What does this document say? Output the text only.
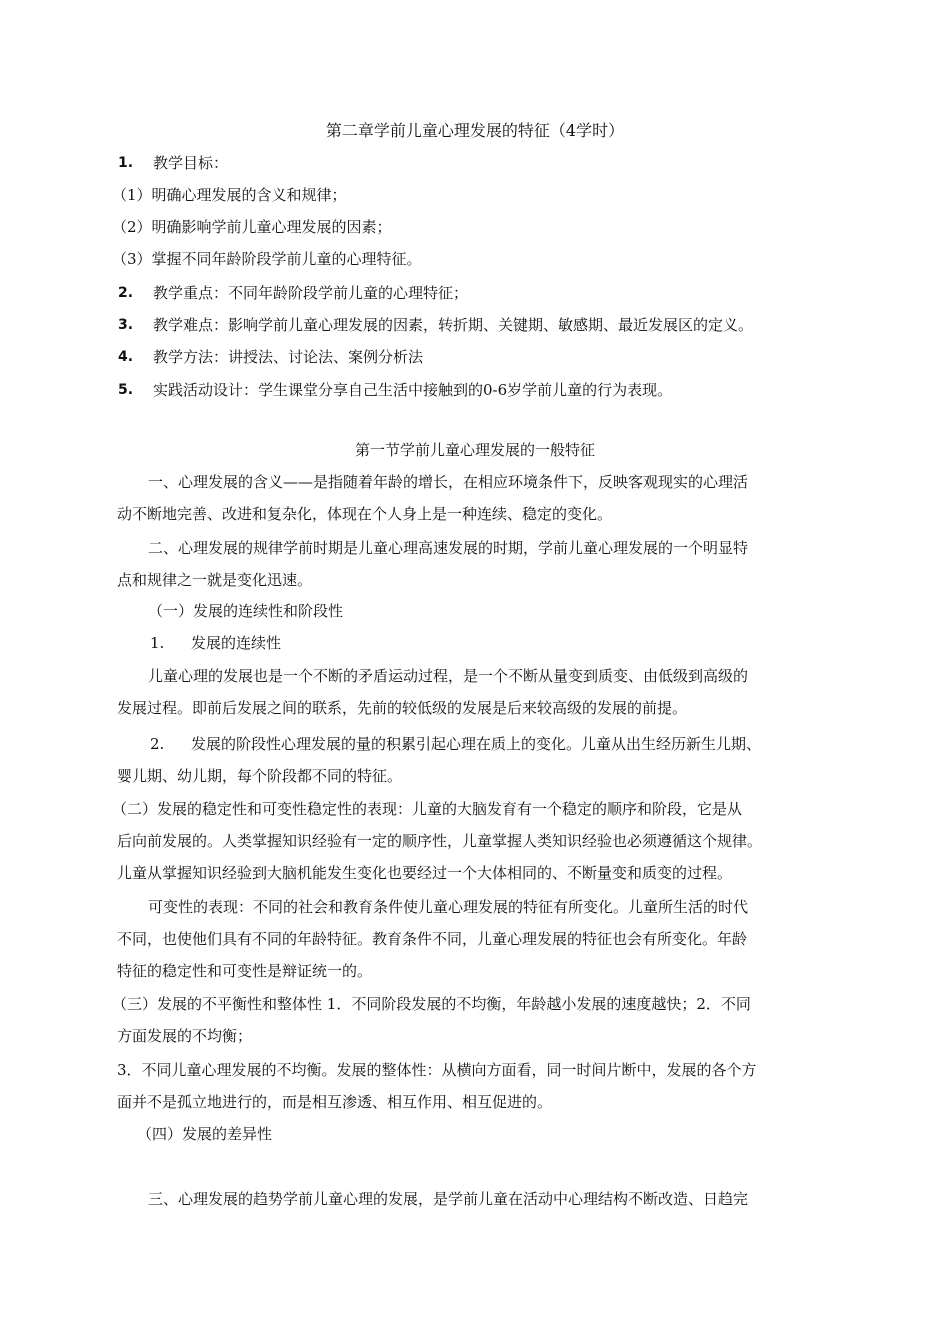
第二章学前儿童心理发展的特征（4学时）
1. 教学目标：
（1）明确心理发展的含义和规律；
（2）明确影响学前儿童心理发展的因素；
（3）掌握不同年龄阶段学前儿童的心理特征。
2. 教学重点：不同年龄阶段学前儿童的心理特征；
3. 教学难点：影响学前儿童心理发展的因素，转折期、关键期、敏感期、最近发展区的定义。
4. 教学方法：讲授法、讨论法、案例分析法
5. 实践活动设计：学生课堂分享自己生活中接触到的0-6岁学前儿童的行为表现。
第一节学前儿童心理发展的一般特征
一、心理发展的含义——是指随着年龄的增长，在相应环境条件下，反映客观现实的心理活
动不断地完善、改进和复杂化，体现在个人身上是一种连续、稳定的变化。
二、心理发展的规律学前时期是儿童心理高速发展的时期，学前儿童心理发展的一个明显特
点和规律之一就是变化迅速。
（一）发展的连续性和阶段性
1. 发展的连续性
儿童心理的发展也是一个不断的矛盾运动过程，是一个不断从量变到质变、由低级到高级的
发展过程。即前后发展之间的联系，先前的较低级的发展是后来较高级的发展的前提。
2. 发展的阶段性心理发展的量的积累引起心理在质上的变化。儿童从出生经历新生儿期、
婴儿期、幼儿期，每个阶段都不同的特征。
（二）发展的稳定性和可变性稳定性的表现：儿童的大脑发育有一个稳定的顺序和阶段，它是从
后向前发展的。人类掌握知识经验有一定的顺序性，儿童掌握人类知识经验也必须遵循这个规律。
儿童从掌握知识经验到大脑机能发生变化也要经过一个大体相同的、不断量变和质变的过程。
可变性的表现：不同的社会和教育条件使儿童心理发展的特征有所变化。儿童所生活的时代
不同，也使他们具有不同的年龄特征。教育条件不同，儿童心理发展的特征也会有所变化。年龄
特征的稳定性和可变性是辩证统一的。
（三）发展的不平衡性和整体性 1．不同阶段发展的不均衡，年龄越小发展的速度越快；2．不同
方面发展的不均衡；
3．不同儿童心理发展的不均衡。发展的整体性：从横向方面看，同一时间片断中，发展的各个方
面并不是孤立地进行的，而是相互渗透、相互作用、相互促进的。
（四）发展的差异性
三、心理发展的趋势学前儿童心理的发展，是学前儿童在活动中心理结构不断改造、日趋完
